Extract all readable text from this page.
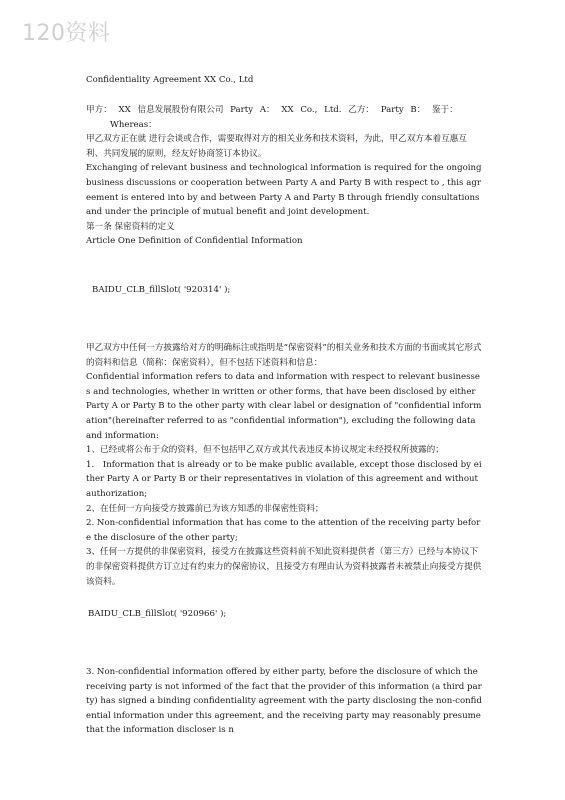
120资料

Confidentiality Agreement XX Co., Ltd

甲方： XX 信息发展股份有限公司 Party A： XX Co., Ltd. 乙方： Party B： 鉴于：

Whereas：

甲乙双方正在就 进行会谈或合作，需要取得对方的相关业务和技术资料，为此，甲乙双方本着互惠互利、共同发展的原则，经友好协商签订本协议。

Exchanging of relevant business and technological information is required for the ongoing business discussions or cooperation between Party A and Party B with respect to , this agreement is entered into by and between Party A and Party B through friendly consultations and under the principle of mutual benefit and joint development.

第一条 保密资料的定义

Article One Definition of Confidential Information

BAIDU_CLB_fillSlot( '920314' );

甲乙双方中任何一方披露给对方的明确标注或指明是“保密资料”的相关业务和技术方面的书面或其它形式的资料和信息（简称：保密资料），但不包括下述资料和信息：

Confidential information refers to data and information with respect to relevant businesses and technologies, whether in written or other forms, that have been disclosed by either Party A or Party B to the other party with clear label or designation of "confidential information"(hereinafter referred to as "confidential information"), excluding the following data and information:

1、已经或将公布于众的资料，但不包括甲乙双方或其代表违反本协议规定未经授权所披露的；

1． Information that is already or to be make public available, except those disclosed by either Party A or Party B or their representatives in violation of this agreement and without authorization;

2、在任何一方向接受方披露前已为该方知悉的非保密性资料；

2. Non-confidential information that has come to the attention of the receiving party before the disclosure of the other party;

3、任何一方提供的非保密资料，接受方在披露这些资料前不知此资料提供者（第三方）已经与本协议下的非保密资料提供方订立过有约束力的保密协议，且接受方有理由认为资料披露者未被禁止向接受方提供该资料。

BAIDU_CLB_fillSlot( '920966' );

3. Non-confidential information offered by either party, before the disclosure of which the receiving party is not informed of the fact that the provider of this information (a third party) has signed a binding confidentiality agreement with the party disclosing the non-confidential information under this agreement, and the receiving party may reasonably presume that the information discloser is n
